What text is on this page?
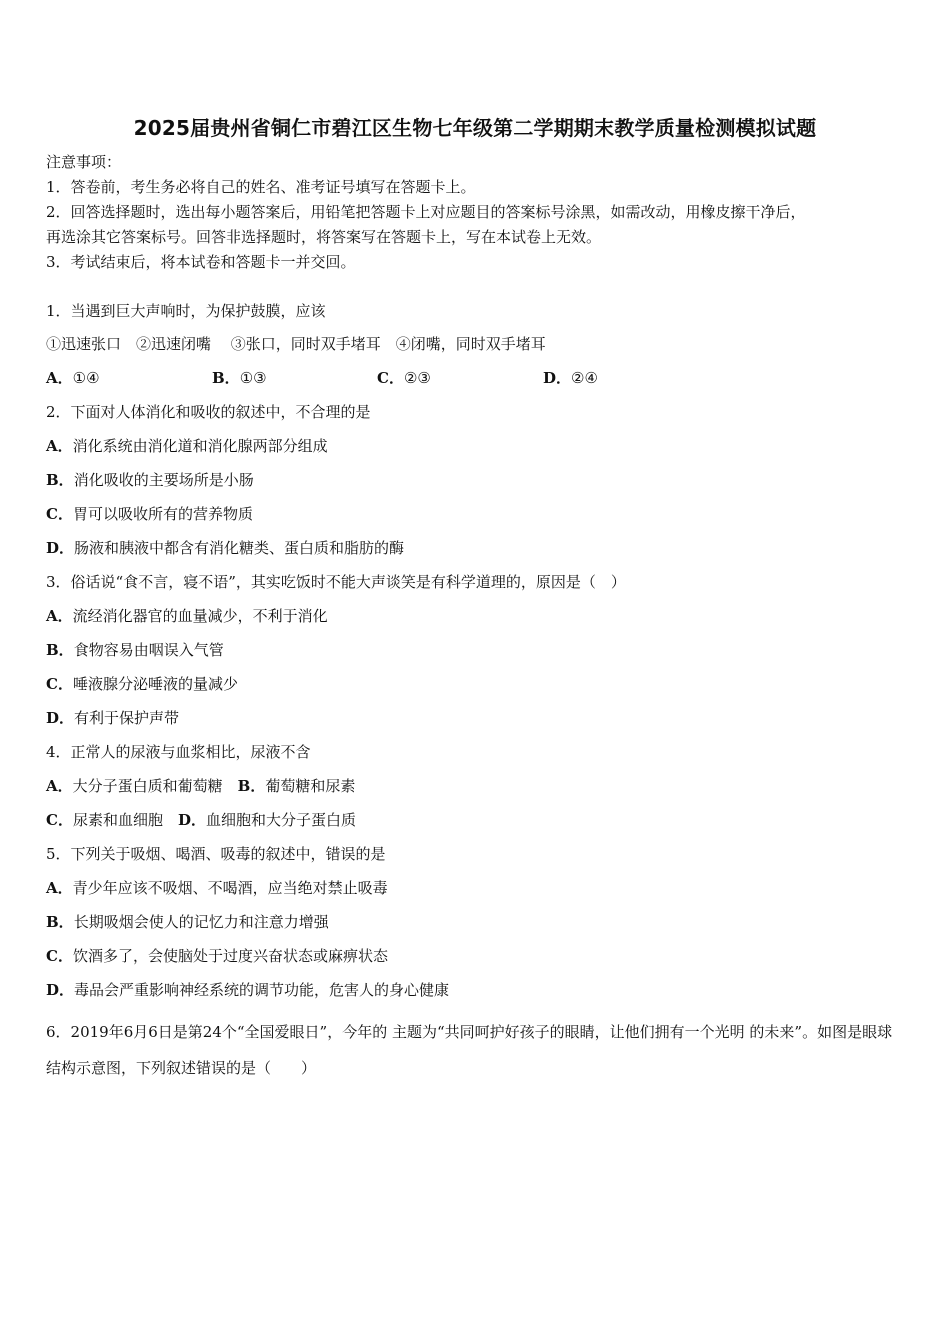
2025届贵州省铜仁市碧江区生物七年级第二学期期末教学质量检测模拟试题
注意事项：
1．答卷前，考生务必将自己的姓名、准考证号填写在答题卡上。
2．回答选择题时，选出每小题答案后，用铅笔把答题卡上对应题目的答案标号涂黑，如需改动，用橡皮擦干净后，
再选涂其它答案标号。回答非选择题时，将答案写在答题卡上，写在本试卷上无效。
3．考试结束后，将本试卷和答题卡一并交回。
1．当遇到巨大声响时，为保护鼓膜，应该
①迅速张口　②迅速闭嘴　 ③张口，同时双手堵耳　④闭嘴，同时双手堵耳
A．①④	B．①③	C．②③	D．②④
2．下面对人体消化和吸收的叙述中，不合理的是
A．消化系统由消化道和消化腺两部分组成
B．消化吸收的主要场所是小肠
C．胃可以吸收所有的营养物质
D．肠液和胰液中都含有消化糖类、蛋白质和脂肪的酶
3．俗话说“食不言，寝不语”，其实吃饭时不能大声谈笑是有科学道理的，原因是（　）
A．流经消化器官的血量减少，不利于消化
B．食物容易由咽误入气管
C．唾液腺分泌唾液的量减少
D．有利于保护声带
4．正常人的尿液与血浆相比，尿液不含
A．大分子蛋白质和葡萄糖　 B．葡萄糖和尿素
C．尿素和血细胞　 D．血细胞和大分子蛋白质
5．下列关于吸烟、喝酒、吸毒的叙述中，错误的是
A．青少年应该不吸烟、不喝酒，应当绝对禁止吸毒
B．长期吸烟会使人的记忆力和注意力增强
C．饮酒多了，会使脑处于过度兴奋状态或麻痹状态
D．毒品会严重影响神经系统的调节功能，危害人的身心健康
6．2019年6月6日是第24个“全国爱眼日”，今年的 主题为“共同呵护好孩子的眼睛，让他们拥有一个光明 的未来”。如图是眼球结构示意图，下列叙述错误的是（　　）
